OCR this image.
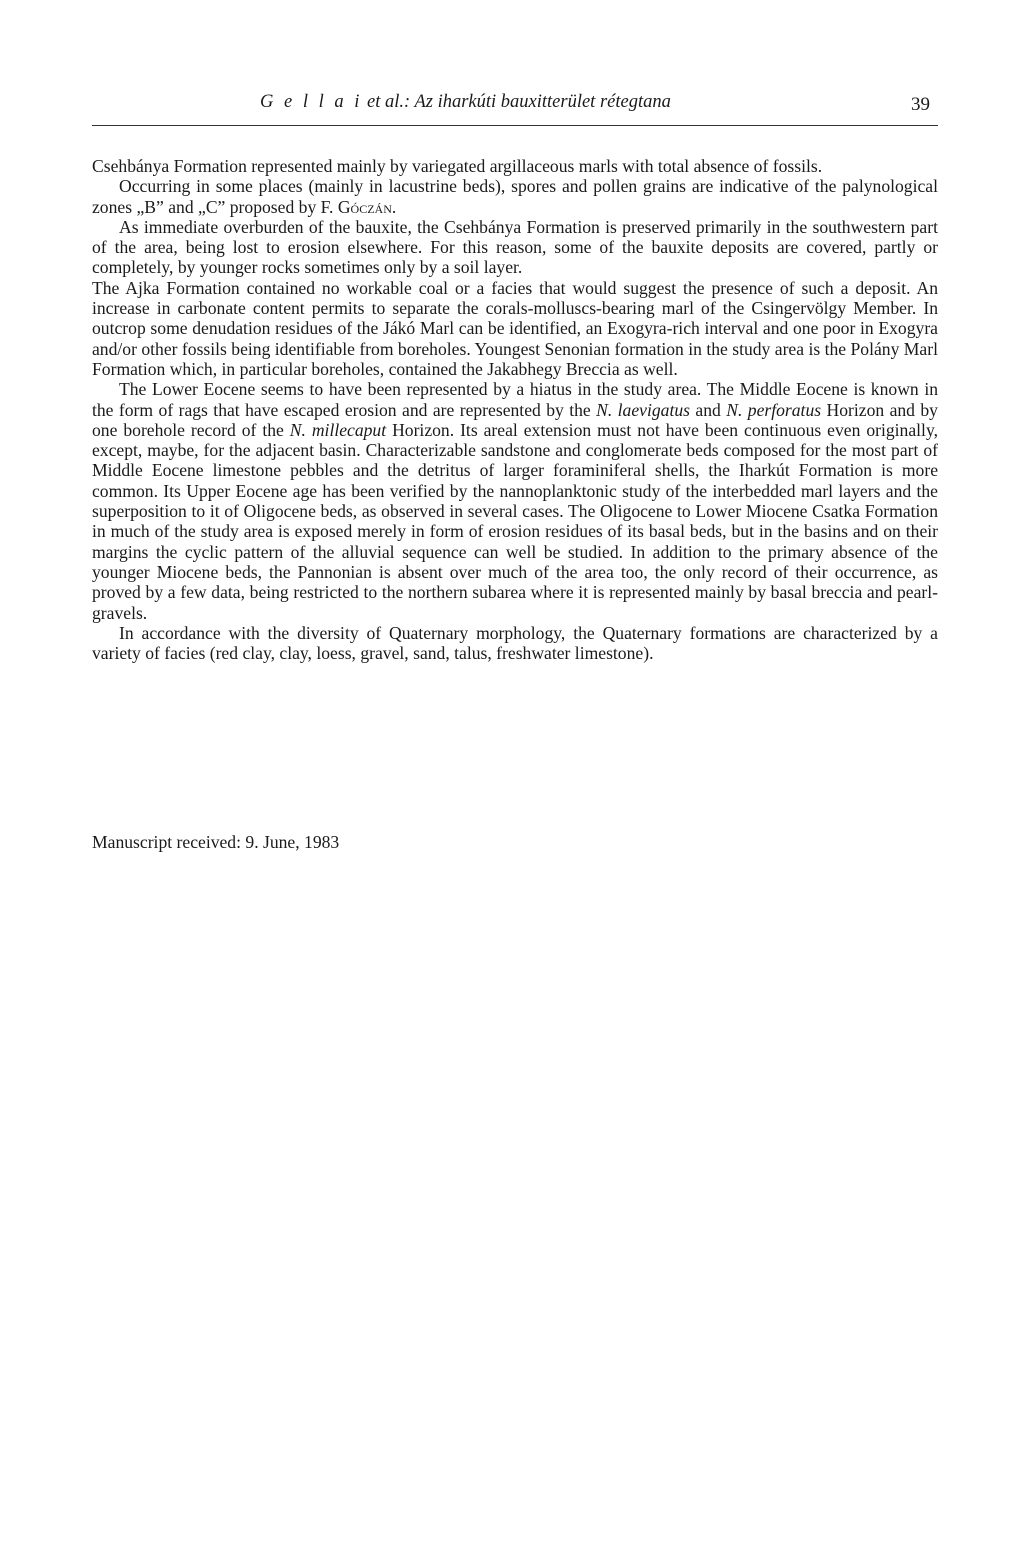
G e l l a i et al.: Az iharkúti bauxitterület rétegtana	39

Csehbánya Formation represented mainly by variegated argillaceous marls with total absence of fossils.

Occurring in some places (mainly in lacustrine beds), spores and pollen grains are indicative of the palynological zones „B” and „C” proposed by F. Góczán.

As immediate overburden of the bauxite, the Csehbánya Formation is preserved primarily in the southwestern part of the area, being lost to erosion elsewhere. For this reason, some of the bauxite deposits are covered, partly or completely, by younger rocks sometimes only by a soil layer.

The Ajka Formation contained no workable coal or a facies that would suggest the presence of such a deposit. An increase in carbonate content permits to separate the corals-molluscs-bearing marl of the Csingervölgy Member. In outcrop some denudation residues of the Jákó Marl can be identified, an Exogyra-rich interval and one poor in Exogyra and/or other fossils being identifiable from boreholes. Youngest Senonian formation in the study area is the Polány Marl Formation which, in particular boreholes, contained the Jakabhegy Breccia as well.

The Lower Eocene seems to have been represented by a hiatus in the study area. The Middle Eocene is known in the form of rags that have escaped erosion and are represented by the N. laevigatus and N. perforatus Horizon and by one borehole record of the N. millecaput Horizon. Its areal extension must not have been continuous even originally, except, maybe, for the adjacent basin. Characterizable sandstone and conglomerate beds composed for the most part of Middle Eocene limestone pebbles and the detritus of larger foraminiferal shells, the Iharkút Formation is more common. Its Upper Eocene age has been verified by the nannoplanktonic study of the interbedded marl layers and the superposition to it of Oligocene beds, as observed in several cases. The Oligocene to Lower Miocene Csatka Formation in much of the study area is exposed merely in form of erosion residues of its basal beds, but in the basins and on their margins the cyclic pattern of the alluvial sequence can well be studied. In addition to the primary absence of the younger Miocene beds, the Pannonian is absent over much of the area too, the only record of their occurrence, as proved by a few data, being restricted to the northern subarea where it is represented mainly by basal breccia and pearl-gravels.

In accordance with the diversity of Quaternary morphology, the Quaternary formations are characterized by a variety of facies (red clay, clay, loess, gravel, sand, talus, freshwater limestone).

Manuscript received: 9. June, 1983
